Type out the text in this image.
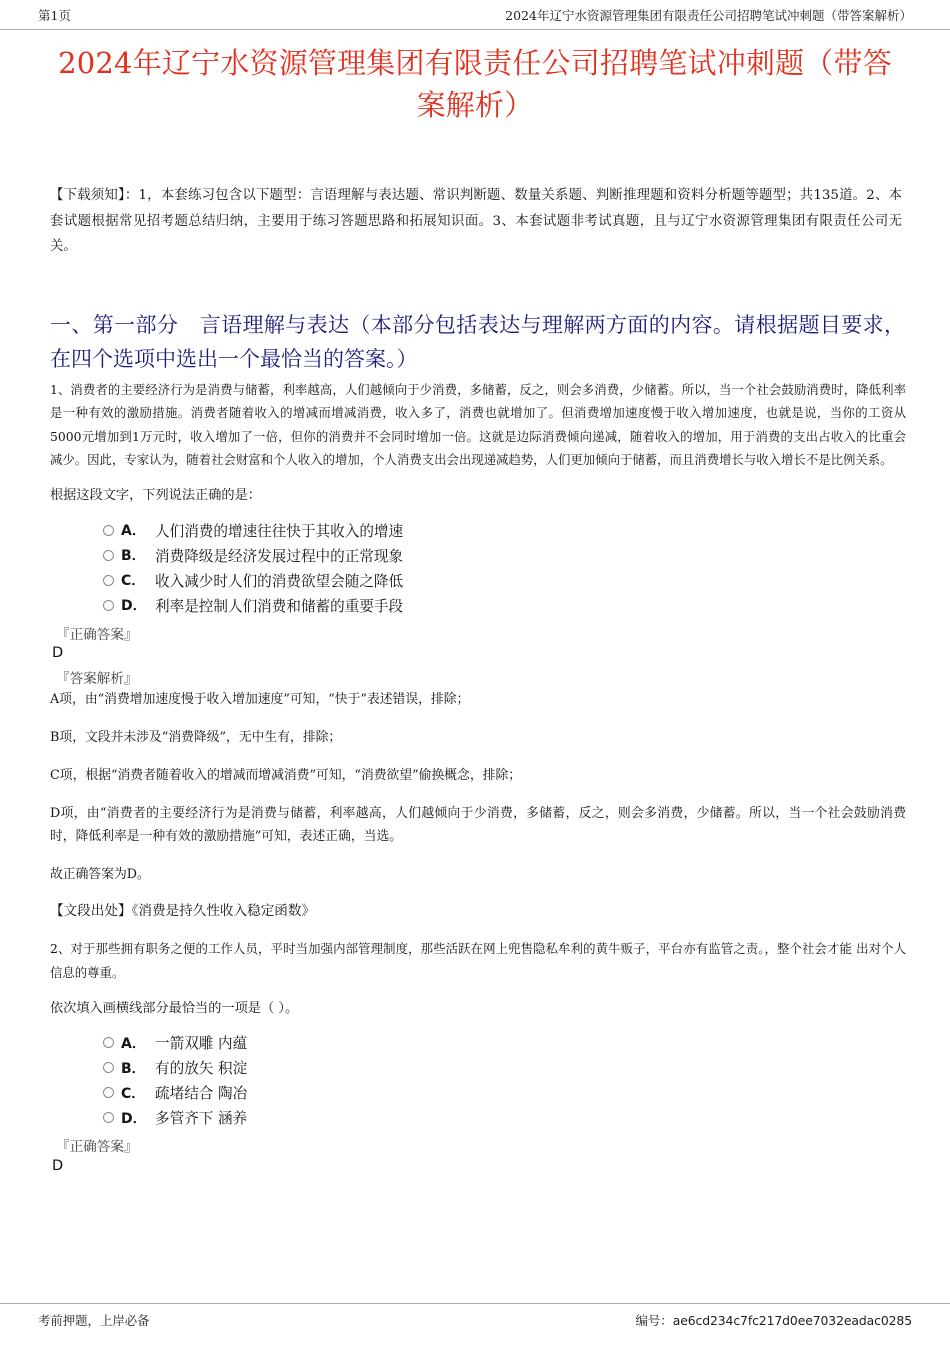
第1页	2024年辽宁水资源管理集团有限责任公司招聘笔试冲刺题（带答案解析）
2024年辽宁水资源管理集团有限责任公司招聘笔试冲刺题（带答案解析）
【下载须知】：1，本套练习包含以下题型：言语理解与表达题、常识判断题、数量关系题、判断推理题和资料分析题等题型；共135道。2、本套试题根据常见招考题总结归纳，主要用于练习答题思路和拓展知识面。3、本套试题非考试真题，且与辽宁水资源管理集团有限责任公司无关。
一、第一部分　言语理解与表达（本部分包括表达与理解两方面的内容。请根据题目要求，在四个选项中选出一个最恰当的答案。）

1、消费者的主要经济行为是消费与储蓄，利率越高，人们越倾向于少消费，多储蓄，反之，则会多消费，少储蓄。所以，当一个社会鼓励消费时，降低利率是一种有效的激励措施。消费者随着收入的增减而增减消费，收入多了，消费也就增加了。但消费增加速度慢于收入增加速度，也就是说，当你的工资从5000元增加到1万元时，收入增加了一倍，但你的消费并不会同时增加一倍。这就是边际消费倾向递减，随着收入的增加，用于消费的支出占收入的比重会减少。因此，专家认为，随着社会财富和个人收入的增加，个人消费支出会出现递减趋势，人们更加倾向于储蓄，而且消费增长与收入增长不是比例关系。

根据这段文字，下列说法正确的是：

A． 人们消费的增速往往快于其收入的增速
B． 消费降级是经济发展过程中的正常现象
C． 收入减少时人们的消费欲望会随之降低
D． 利率是控制人们消费和储蓄的重要手段
『正确答案』
D
『答案解析』

A项，由“消费增加速度慢于收入增加速度”可知，“快于”表述错误，排除；

B项，文段并未涉及“消费降级”，无中生有，排除；

C项，根据“消费者随着收入的增减而增减消费”可知，“消费欲望”偷换概念，排除；

D项，由“消费者的主要经济行为是消费与储蓄，利率越高，人们越倾向于少消费，多储蓄，反之，则会多消费，少储蓄。所以，当一个社会鼓励消费时，降低利率是一种有效的激励措施”可知，表述正确，当选。

故正确答案为D。

【文段出处】《消费是持久性收入稳定函数》

2、对于那些拥有职务之便的工作人员，平时当加强内部管理制度，那些活跃在网上兜售隐私牟利的黄牛贩子，平台亦有监管之责。，整个社会才能 出对个人信息的尊重。

依次填入画横线部分最恰当的一项是（ ）。

A． 一箭双雕 内蕴
B． 有的放矢 积淀
C． 疏堵结合 陶冶
D． 多管齐下 涵养
『正确答案』
D
考前押题，上岸必备	编号：ae6cd234c7fc217d0ee7032eadac0285
